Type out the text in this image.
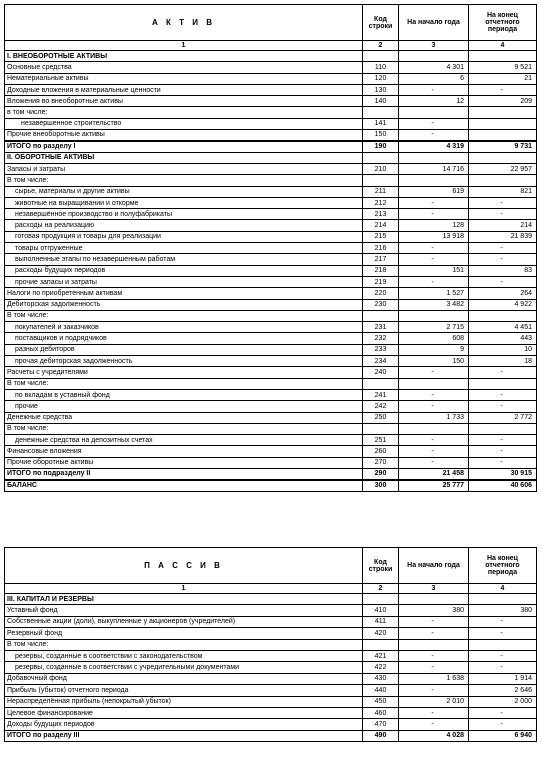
А К Т И В	Код строки	На начало года	На конец отчетного периода
1	2	3	4
I. ВНЕОБОРОТНЫЕ АКТИВЫ			
Основные средства	110	4 301	9 521
Нематериальные активы	120	6	21
Доходные вложения в материальные ценности	130	-	-
Вложения во внеоборотные активы	140	12	209
в том числе:			
незавершенное строительство	141	-	
Прочие внеоборотные активы	150	-	
ИТОГО по разделу I	190	4 319	9 731
II. ОБОРОТНЫЕ АКТИВЫ			
Запасы и затраты	210	14 716	22 957
В том числе:			
сырье, материалы и другие активы	211	619	821
животные на выращивании и откорме	212	-	-
незавершённое производство и полуфабрикаты	213	-	-
расходы на реализацию	214	128	214
готовая продукция и товары для реализации	215	13 918	21 839
товары отгруженные	216	-	-
выполненные этапы по незавершенным работам	217	-	-
расходы будущих периодов	218	151	83
прочие запасы и затраты	219	-	-
Налоги по приобретенным активам	220	1 527	264
Дебиторская задолженность	230	3 482	4 922
В том числе:			
покупателей и заказчиков	231	2 715	4 451
поставщиков и подрядчиков	232	608	443
разных дебиторов	233	9	10
прочая дебиторская задолженность	234	150	18
Расчеты с учредителями	240	-	-
В том числе:			
по вкладам в уставный фонд	241	-	-
прочие	242	-	-
Денежные средства	250	1 733	2 772
В том числе:			
денежные средства на депозитных счетах	251	-	-
Финансовые вложения	260	-	-
Прочие оборотные активы	270	-	-
ИТОГО по подразделу II	290	21 458	30 915
БАЛАНС	300	25 777	40 606
П А С С И В	Код строки	На начало года	На конец отчетного периода
1	2	3	4
III. КАПИТАЛ И РЕЗЕРВЫ			
Уставный фонд	410	380	380
Собственные акции (доли), выкупленные у акционеров (учредителей)	411	-	-
Резервный фонд	420	-	-
В том числе:			
резервы, созданные в соответствии с законодательством	421	-	-
резервы, созданные в соответствии с учредительными документами	422	-	-
Добавочный фонд	430	1 638	1 914
Прибыль (убыток) отчетного периода	440	-	2 646
Нераспределённая прибыль (непокрытый убыток)	450	2 010	2 000
Целевое финансирование	460	-	-
Доходы будущих периодов	470	-	-
ИТОГО по разделу III	490	4 028	6 940
